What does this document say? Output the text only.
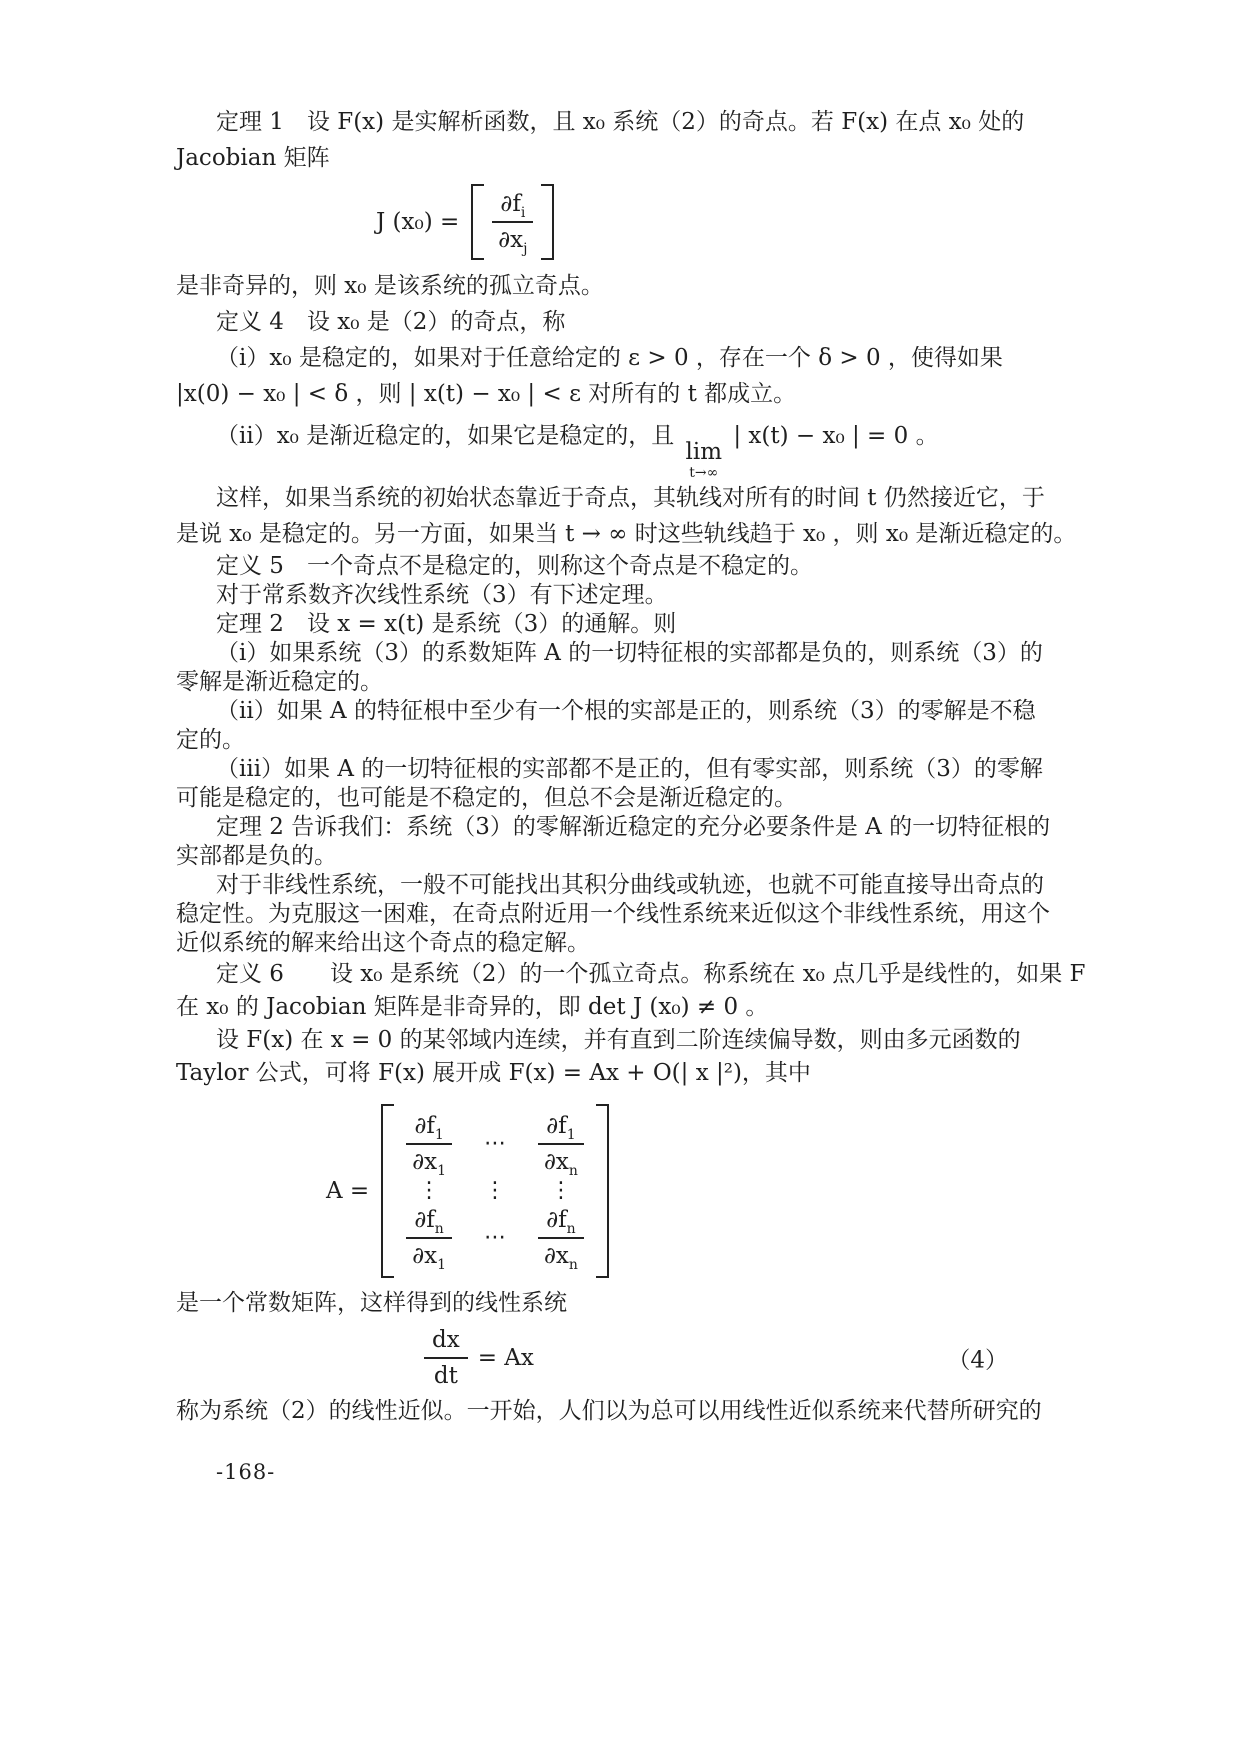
定理 1　设 F(x) 是实解析函数，且 x₀ 系统（2）的奇点。若 F(x) 在点 x₀ 处的
Jacobian 矩阵
J $(x_0) = \frac{\partial f_i}{\partial x_j}$
是非奇异的，则 x₀ 是该系统的孤立奇点。
定义 4　设 x₀ 是（2）的奇点，称
（i）x₀ 是稳定的，如果对于任意给定的 ε > 0 ，存在一个 δ > 0 ，使得如果
|x(0) − x₀ | < δ ，则 | x(t) − x₀ | < ε 对所有的 t 都成立。
（ii）x₀ 是渐近稳定的，如果它是稳定的，且
lim
t→∞
| x(t) − x₀ | = 0 。
这样，如果当系统的初始状态靠近于奇点，其轨线对所有的时间 t 仍然接近它，于
是说 x₀ 是稳定的。另一方面，如果当 t → ∞ 时这些轨线趋于 x₀ ，则 x₀ 是渐近稳定的。
定义 5　一个奇点不是稳定的，则称这个奇点是不稳定的。
对于常系数齐次线性系统（3）有下述定理。
定理 2　设 x = x(t) 是系统（3）的通解。则
（i）如果系统（3）的系数矩阵 A 的一切特征根的实部都是负的，则系统（3）的
零解是渐近稳定的。
（ii）如果 A 的特征根中至少有一个根的实部是正的，则系统（3）的零解是不稳
定的。
（iii）如果 A 的一切特征根的实部都不是正的，但有零实部，则系统（3）的零解
可能是稳定的，也可能是不稳定的，但总不会是渐近稳定的。
定理 2 告诉我们：系统（3）的零解渐近稳定的充分必要条件是 A 的一切特征根的
实部都是负的。
对于非线性系统，一般不可能找出其积分曲线或轨迹，也就不可能直接导出奇点的
稳定性。为克服这一困难，在奇点附近用一个线性系统来近似这个非线性系统，用这个
近似系统的解来给出这个奇点的稳定解。
定义 6　　设 x₀ 是系统（2）的一个孤立奇点。称系统在 x₀ 点几乎是线性的，如果 F
在 x₀ 的 Jacobian 矩阵是非奇异的，即 det J (x₀) ≠ 0 。
设 F(x) 在 x = 0 的某邻域内连续，并有直到二阶连续偏导数，则由多元函数的
Taylor 公式，可将 F(x) 展开成 F(x) = Ax + O(| x |²)，其中
A =
$\frac{\partial f_1}{\partial x_1}$ ⋯ $\frac{\partial f_1}{\partial x_n}$
⋮ ⋮ ⋮
$\frac{\partial f_n}{\partial x_1}$ ⋯ $\frac{\partial f_n}{\partial x_n}$
是一个常数矩阵，这样得到的线性系统
$\frac{dx}{dt} = Ax$	（4）
称为系统（2）的线性近似。一开始，人们以为总可以用线性近似系统来代替所研究的
-168-
